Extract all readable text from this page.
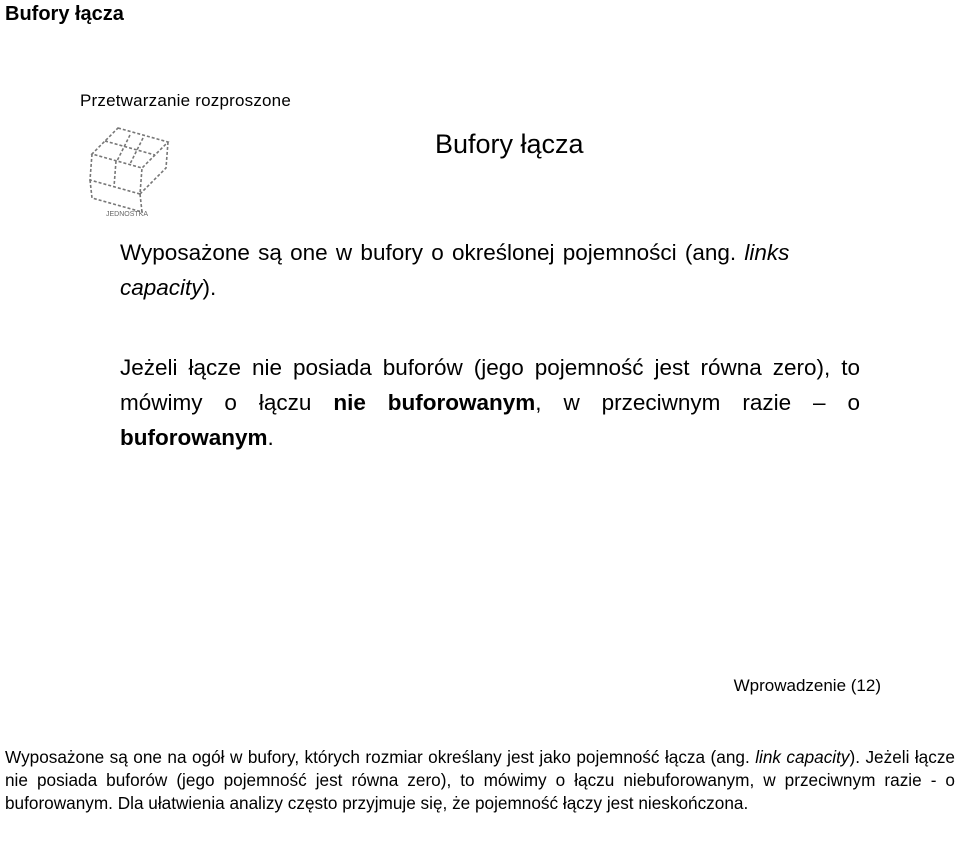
Bufory łącza
Przetwarzanie rozproszone
JEDNOSTKA
Bufory łącza
Wyposażone są one w bufory o określonej pojemności (ang. links capacity).
Jeżeli łącze nie posiada buforów (jego pojemność jest równa zero), to mówimy o łączu nie buforowanym, w przeciwnym razie – o buforowanym.
Wprowadzenie (12)
Wyposażone są one na ogół w bufory, których rozmiar określany jest jako pojemność łącza (ang. link capacity). Jeżeli łącze nie posiada buforów (jego pojemność jest równa zero), to mówimy o łączu niebuforowanym, w przeciwnym razie - o buforowanym. Dla ułatwienia analizy często przyjmuje się, że pojemność łączy jest nieskończona.
